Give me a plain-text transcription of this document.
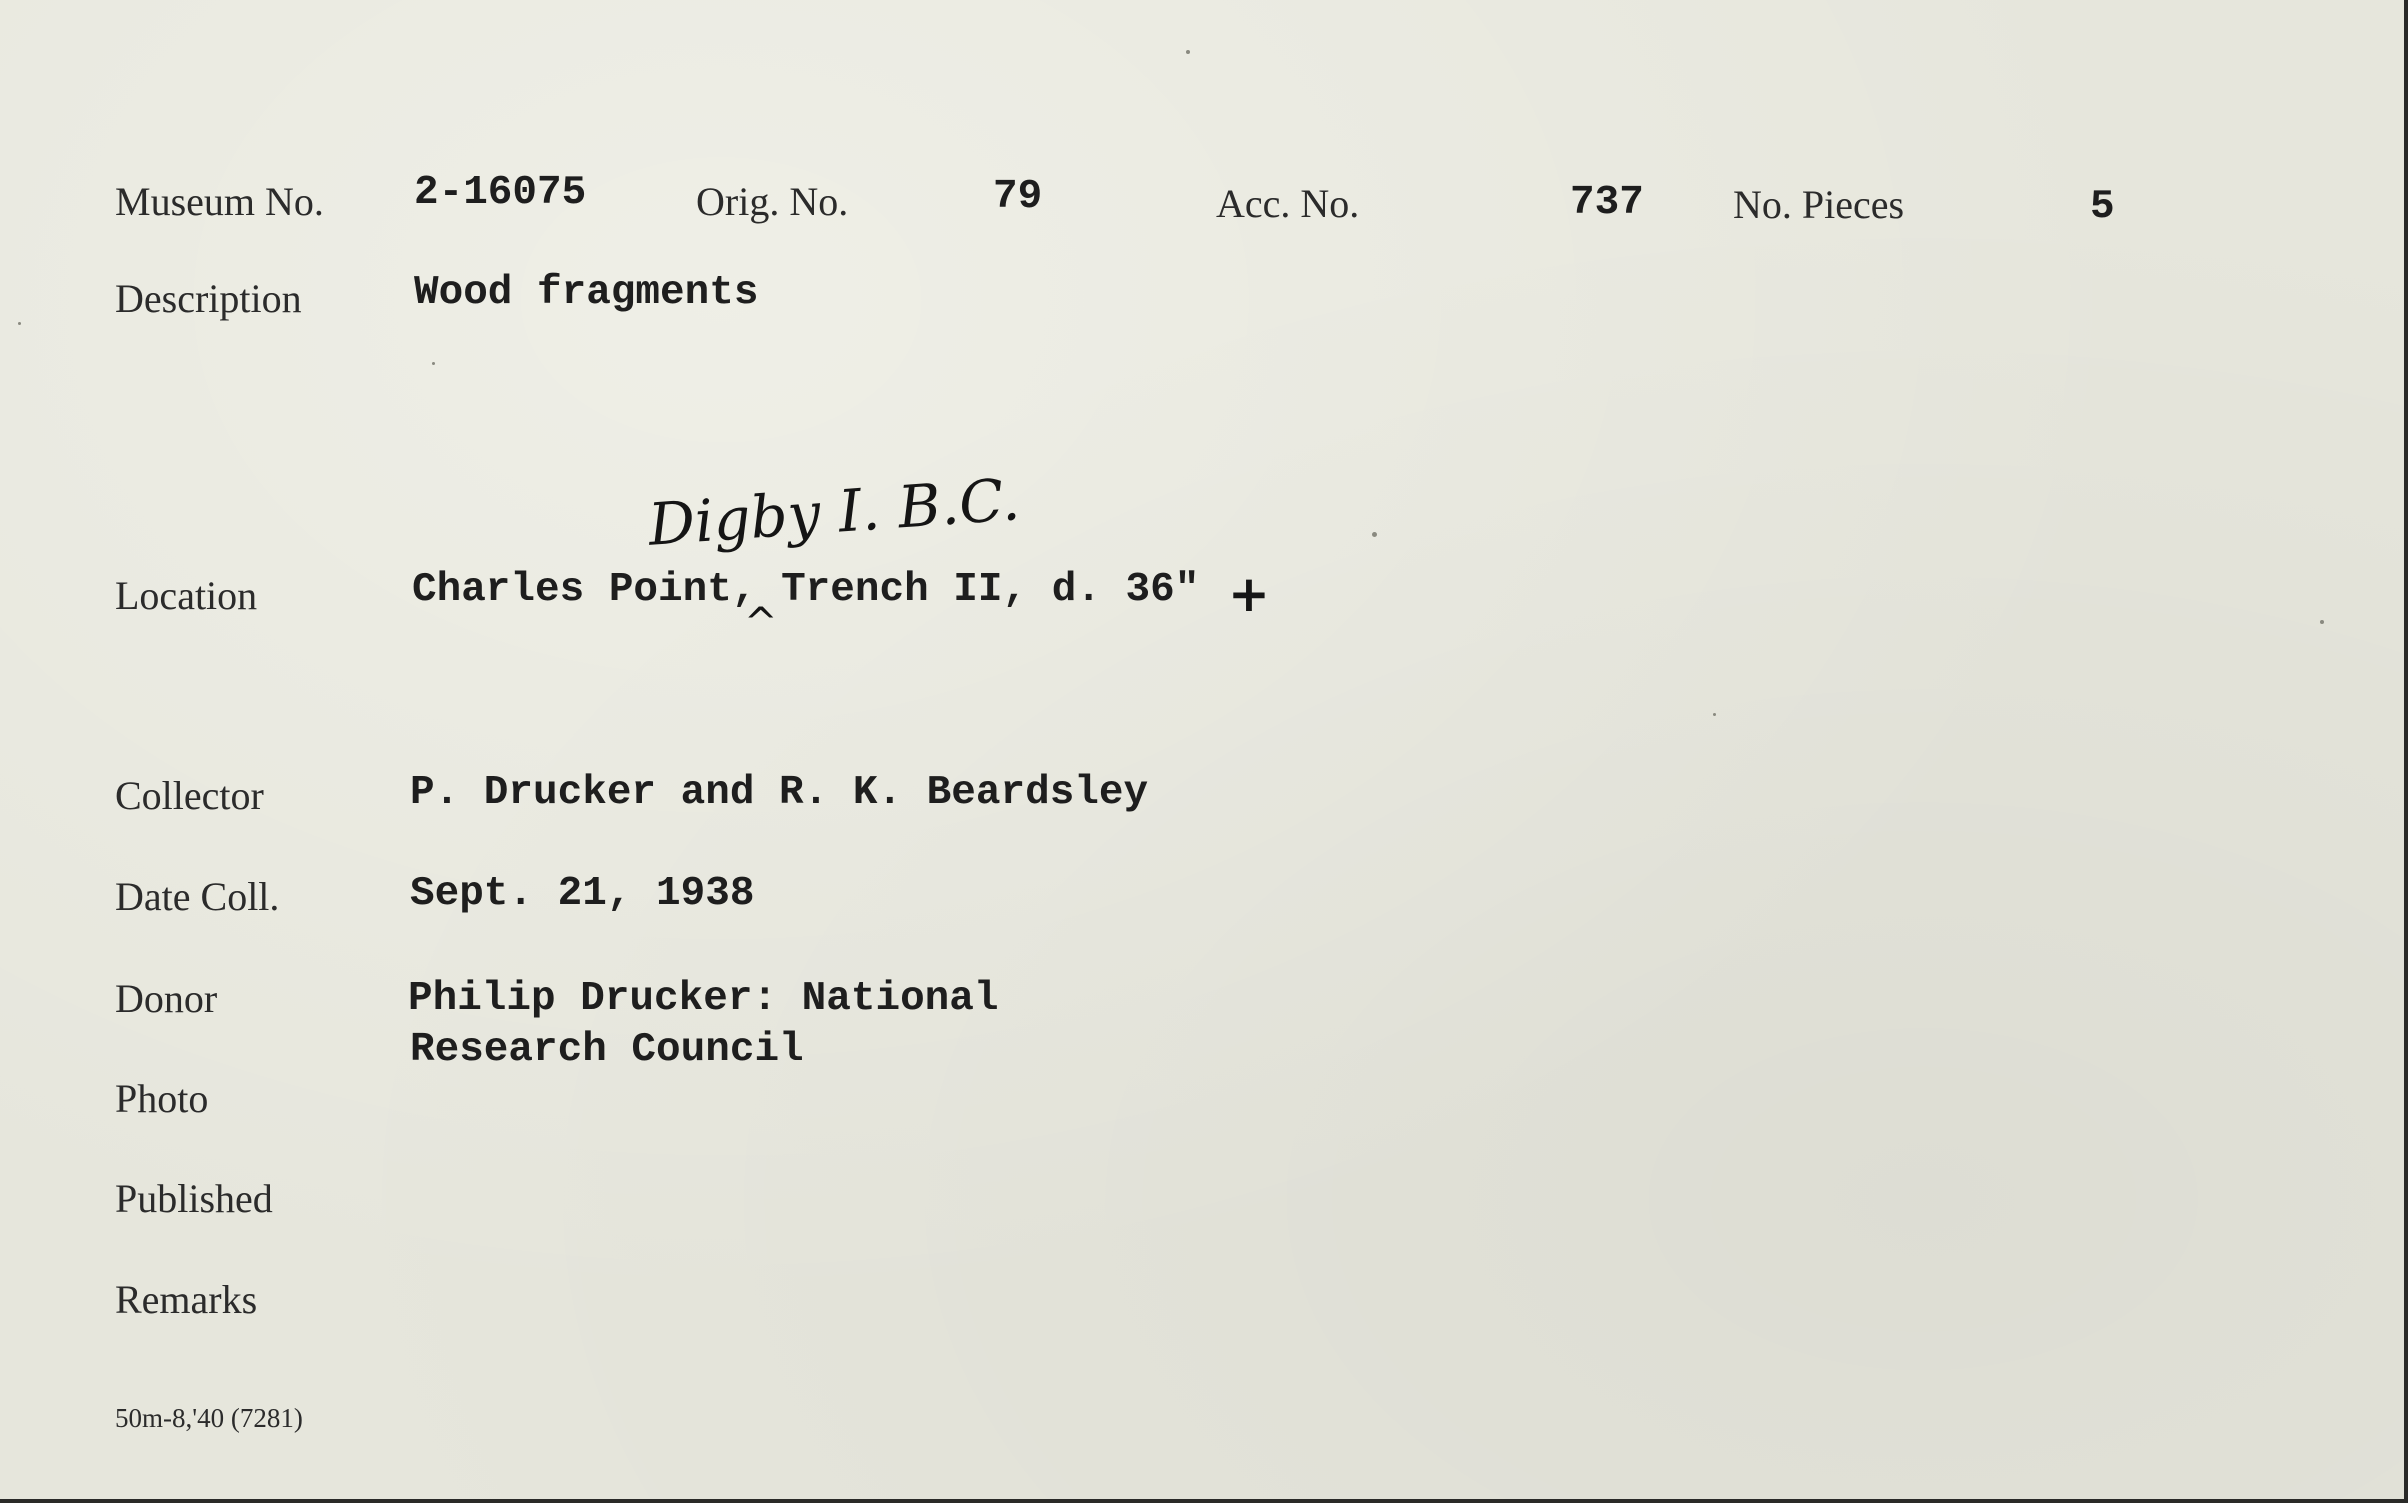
Museum No. 2-16075	Orig. No.	79	Acc. No.	737 No. Pieces	5
Description	Wood fragments
Digby I. B.C.
Location	Charles Point, Trench II, d. 36"
^	+
Collector	P. Drucker and R. K. Beardsley
Date Coll.	Sept. 21, 1938
Donor	Philip Drucker: National
Research Council
Photo
Published
Remarks
50m-8,'40 (7281)
